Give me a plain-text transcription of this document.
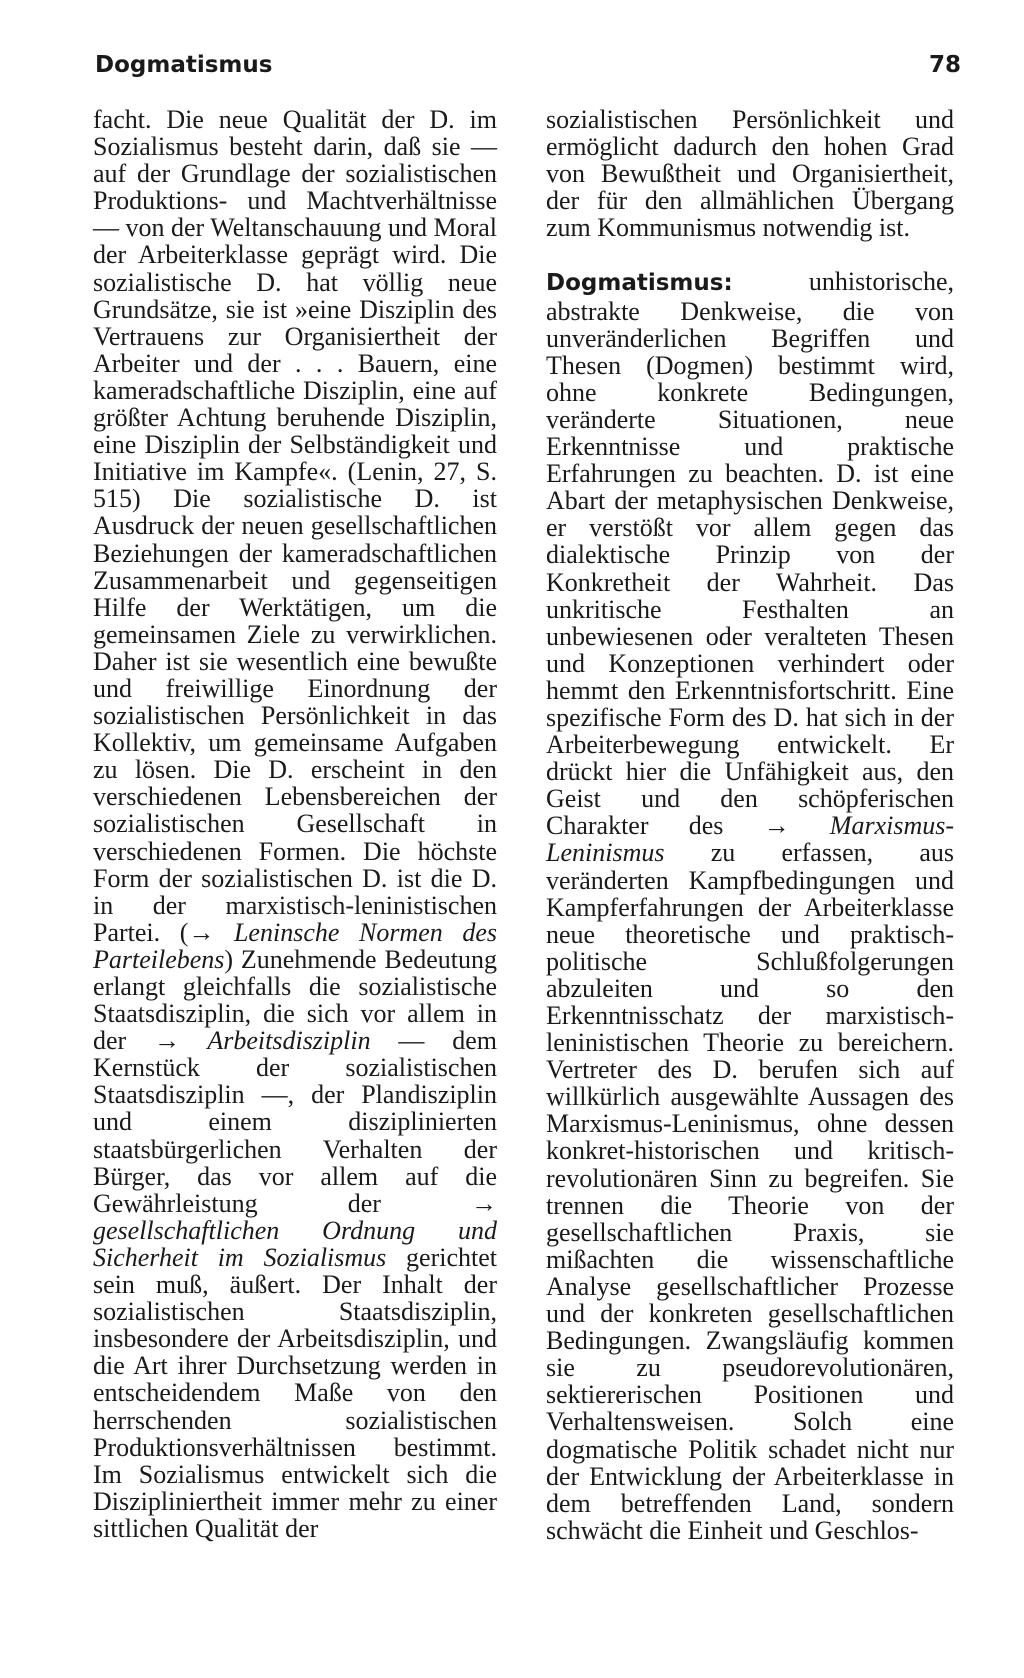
Dogmatismus	78

facht. Die neue Qualität der D. im Sozialismus besteht darin, daß sie — auf der Grundlage der sozialistischen Produktions- und Machtverhältnisse — von der Weltanschauung und Moral der Arbeiterklasse geprägt wird. Die sozialistische D. hat völlig neue Grundsätze, sie ist »eine Disziplin des Vertrauens zur Organisiertheit der Arbeiter und der . . . Bauern, eine kameradschaftliche Disziplin, eine auf größter Achtung beruhende Disziplin, eine Disziplin der Selbständigkeit und Initiative im Kampfe«. (Lenin, 27, S. 515) Die sozialistische D. ist Ausdruck der neuen gesellschaftlichen Beziehungen der kameradschaftlichen Zusammenarbeit und gegenseitigen Hilfe der Werktätigen, um die gemeinsamen Ziele zu verwirklichen. Daher ist sie wesentlich eine bewußte und freiwillige Einordnung der sozialistischen Persönlichkeit in das Kollektiv, um gemeinsame Aufgaben zu lösen. Die D. erscheint in den verschiedenen Lebensbereichen der sozialistischen Gesellschaft in verschiedenen Formen. Die höchste Form der sozialistischen D. ist die D. in der marxistisch-leninistischen Partei. (→ Leninsche Normen des Parteilebens) Zunehmende Bedeutung erlangt gleichfalls die sozialistische Staatsdisziplin, die sich vor allem in der → Arbeitsdisziplin — dem Kernstück der sozialistischen Staatsdisziplin —, der Plandisziplin und einem disziplinierten staatsbürgerlichen Verhalten der Bürger, das vor allem auf die Gewährleistung der → gesellschaftlichen Ordnung und Sicherheit im Sozialismus gerichtet sein muß, äußert. Der Inhalt der sozialistischen Staatsdisziplin, insbesondere der Arbeitsdisziplin, und die Art ihrer Durchsetzung werden in entscheidendem Maße von den herrschenden sozialistischen Produktionsverhältnissen bestimmt. Im Sozialismus entwickelt sich die Diszipliniertheit immer mehr zu einer sittlichen Qualität der

sozialistischen Persönlichkeit und ermöglicht dadurch den hohen Grad von Bewußtheit und Organisiertheit, der für den allmählichen Übergang zum Kommunismus notwendig ist.

Dogmatismus: unhistorische, abstrakte Denkweise, die von unveränderlichen Begriffen und Thesen (Dogmen) bestimmt wird, ohne konkrete Bedingungen, veränderte Situationen, neue Erkenntnisse und praktische Erfahrungen zu beachten. D. ist eine Abart der metaphysischen Denkweise, er verstößt vor allem gegen das dialektische Prinzip von der Konkretheit der Wahrheit. Das unkritische Festhalten an unbewiesenen oder veralteten Thesen und Konzeptionen verhindert oder hemmt den Erkenntnisfortschritt. Eine spezifische Form des D. hat sich in der Arbeiterbewegung entwickelt. Er drückt hier die Unfähigkeit aus, den Geist und den schöpferischen Charakter des → Marxismus-Leninismus zu erfassen, aus veränderten Kampfbedingungen und Kampferfahrungen der Arbeiterklasse neue theoretische und praktisch-politische Schlußfolgerungen abzuleiten und so den Erkenntnisschatz der marxistisch-leninistischen Theorie zu bereichern. Vertreter des D. berufen sich auf willkürlich ausgewählte Aussagen des Marxismus-Leninismus, ohne dessen konkret-historischen und kritisch-revolutionären Sinn zu begreifen. Sie trennen die Theorie von der gesellschaftlichen Praxis, sie mißachten die wissenschaftliche Analyse gesellschaftlicher Prozesse und der konkreten gesellschaftlichen Bedingungen. Zwangsläufig kommen sie zu pseudorevolutionären, sektiererischen Positionen und Verhaltensweisen. Solch eine dogmatische Politik schadet nicht nur der Entwicklung der Arbeiterklasse in dem betreffenden Land, sondern schwächt die Einheit und Geschlos-
